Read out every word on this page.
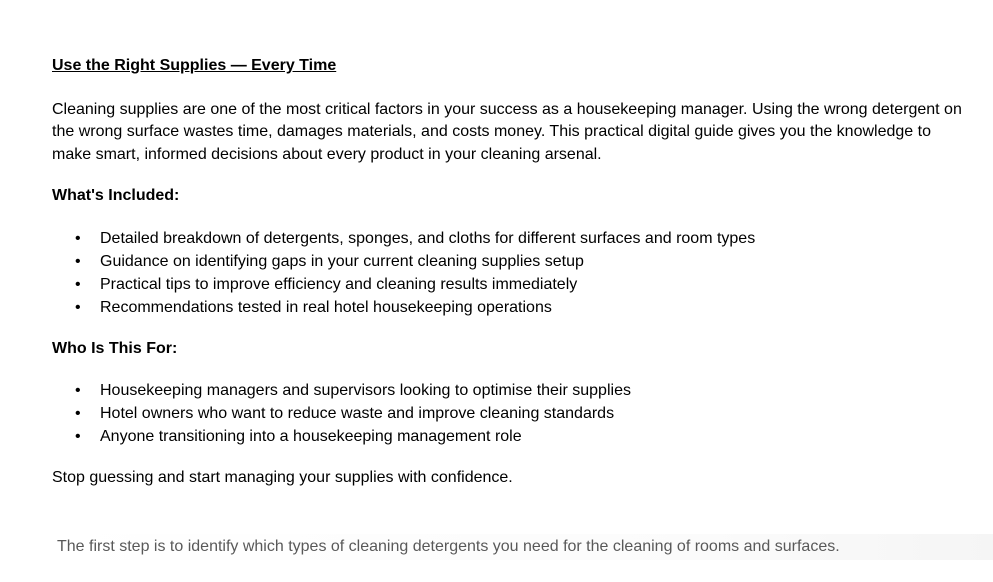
Use the Right Supplies — Every Time

Cleaning supplies are one of the most critical factors in your success as a housekeeping manager. Using the wrong detergent on the wrong surface wastes time, damages materials, and costs money. This practical digital guide gives you the knowledge to make smart, informed decisions about every product in your cleaning arsenal.

What's Included:
• Detailed breakdown of detergents, sponges, and cloths for different surfaces and room types
• Guidance on identifying gaps in your current cleaning supplies setup
• Practical tips to improve efficiency and cleaning results immediately
• Recommendations tested in real hotel housekeeping operations
Who Is This For:
• Housekeeping managers and supervisors looking to optimise their supplies
• Hotel owners who want to reduce waste and improve cleaning standards
• Anyone transitioning into a housekeeping management role

Stop guessing and start managing your supplies with confidence.

The first step is to identify which types of cleaning detergents you need for the cleaning of rooms and surfaces.
